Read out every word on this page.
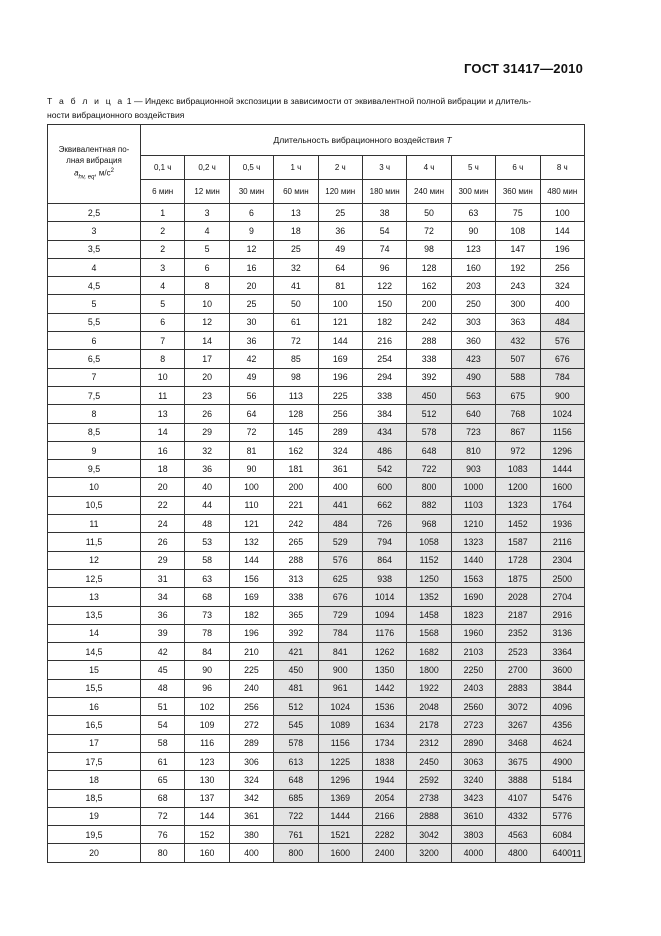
ГОСТ 31417—2010
Т а б л и ц а 1 — Индекс вибрационной экспозиции в зависимости от эквивалентной полной вибрации и длитель-
ности вибрационного воздействия
Эквивалентная по-
лная вибрация
$a_{hv, eq}$, $м/с^2$	Длительность вибрационного воздействия T									
	0,1 ч	0,2 ч	0,5 ч	1 ч	2 ч	3 ч	4 ч	5 ч	6 ч	8 ч
	6 мин	12 мин	30 мин	60 мин	120 мин	180 мин	240 мин	300 мин	360 мин	480 мин
2,5	1	3	6	13	25	38	50	63	75	100
3	2	4	9	18	36	54	72	90	108	144
3,5	2	5	12	25	49	74	98	123	147	196
4	3	6	16	32	64	96	128	160	192	256
4,5	4	8	20	41	81	122	162	203	243	324
5	5	10	25	50	100	150	200	250	300	400
5,5	6	12	30	61	121	182	242	303	363	484
6	7	14	36	72	144	216	288	360	432	576
6,5	8	17	42	85	169	254	338	423	507	676
7	10	20	49	98	196	294	392	490	588	784
7,5	11	23	56	113	225	338	450	563	675	900
8	13	26	64	128	256	384	512	640	768	1024
8,5	14	29	72	145	289	434	578	723	867	1156
9	16	32	81	162	324	486	648	810	972	1296
9,5	18	36	90	181	361	542	722	903	1083	1444
10	20	40	100	200	400	600	800	1000	1200	1600
10,5	22	44	110	221	441	662	882	1103	1323	1764
11	24	48	121	242	484	726	968	1210	1452	1936
11,5	26	53	132	265	529	794	1058	1323	1587	2116
12	29	58	144	288	576	864	1152	1440	1728	2304
12,5	31	63	156	313	625	938	1250	1563	1875	2500
13	34	68	169	338	676	1014	1352	1690	2028	2704
13,5	36	73	182	365	729	1094	1458	1823	2187	2916
14	39	78	196	392	784	1176	1568	1960	2352	3136
14,5	42	84	210	421	841	1262	1682	2103	2523	3364
15	45	90	225	450	900	1350	1800	2250	2700	3600
15,5	48	96	240	481	961	1442	1922	2403	2883	3844
16	51	102	256	512	1024	1536	2048	2560	3072	4096
16,5	54	109	272	545	1089	1634	2178	2723	3267	4356
17	58	116	289	578	1156	1734	2312	2890	3468	4624
17,5	61	123	306	613	1225	1838	2450	3063	3675	4900
18	65	130	324	648	1296	1944	2592	3240	3888	5184
18,5	68	137	342	685	1369	2054	2738	3423	4107	5476
19	72	144	361	722	1444	2166	2888	3610	4332	5776
19,5	76	152	380	761	1521	2282	3042	3803	4563	6084
20	80	160	400	800	1600	2400	3200	4000	4800	6400 11
